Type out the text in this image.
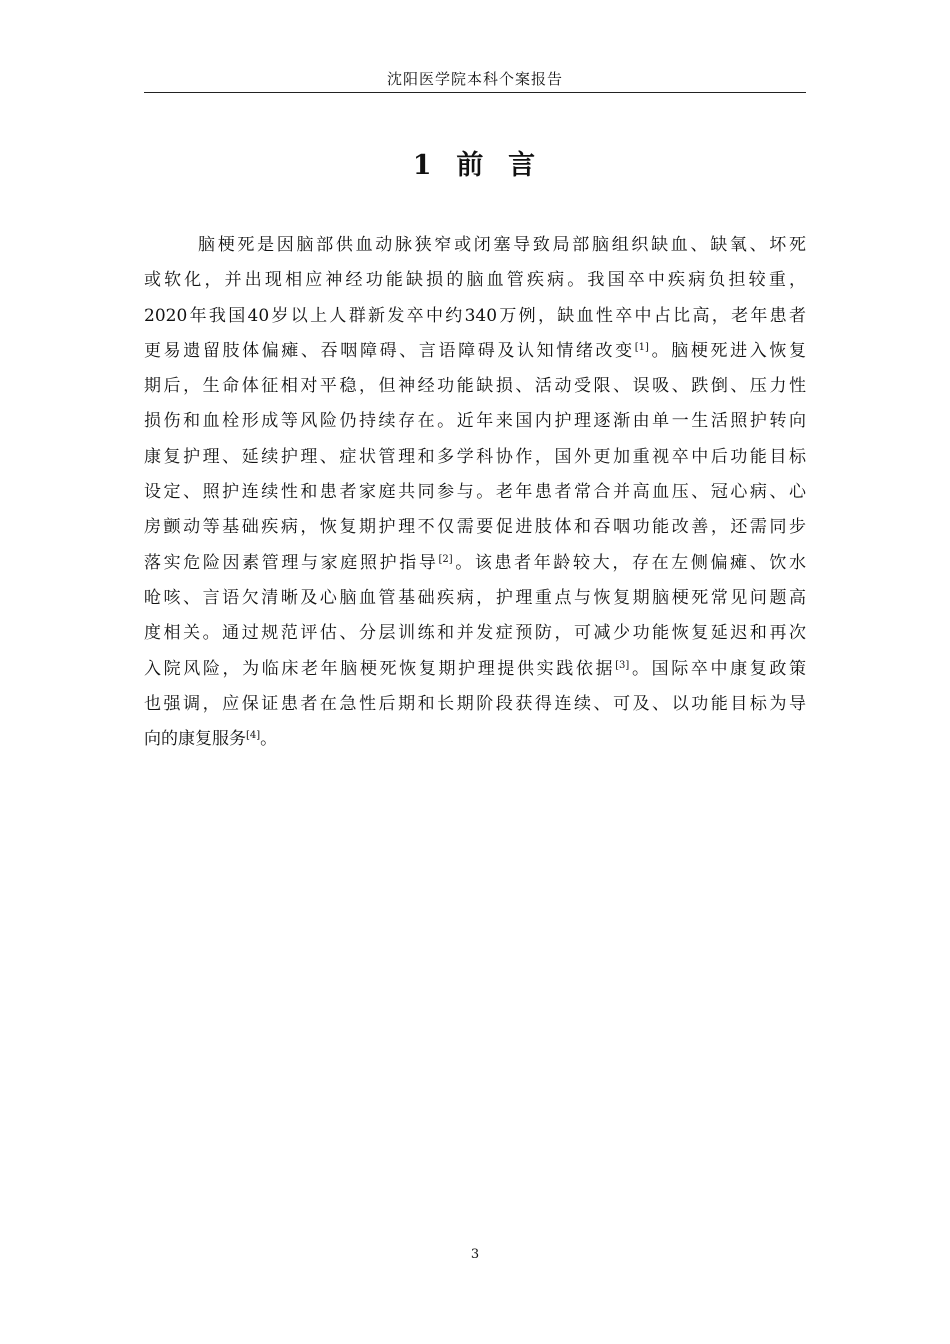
沈阳医学院本科个案报告
1  前  言
脑梗死是因脑部供血动脉狭窄或闭塞导致局部脑组织缺血、缺氧、坏死
或软化，并出现相应神经功能缺损的脑血管疾病。我国卒中疾病负担较重，
2020年我国40岁以上人群新发卒中约340万例，缺血性卒中占比高，老年患者
更易遗留肢体偏瘫、吞咽障碍、言语障碍及认知情绪改变[1]。脑梗死进入恢复
期后，生命体征相对平稳，但神经功能缺损、活动受限、误吸、跌倒、压力性
损伤和血栓形成等风险仍持续存在。近年来国内护理逐渐由单一生活照护转向
康复护理、延续护理、症状管理和多学科协作，国外更加重视卒中后功能目标
设定、照护连续性和患者家庭共同参与。老年患者常合并高血压、冠心病、心
房颤动等基础疾病，恢复期护理不仅需要促进肢体和吞咽功能改善，还需同步
落实危险因素管理与家庭照护指导[2]。该患者年龄较大，存在左侧偏瘫、饮水
呛咳、言语欠清晰及心脑血管基础疾病，护理重点与恢复期脑梗死常见问题高
度相关。通过规范评估、分层训练和并发症预防，可减少功能恢复延迟和再次
入院风险，为临床老年脑梗死恢复期护理提供实践依据[3]。国际卒中康复政策
也强调，应保证患者在急性后期和长期阶段获得连续、可及、以功能目标为导
向的康复服务[4]。
3
